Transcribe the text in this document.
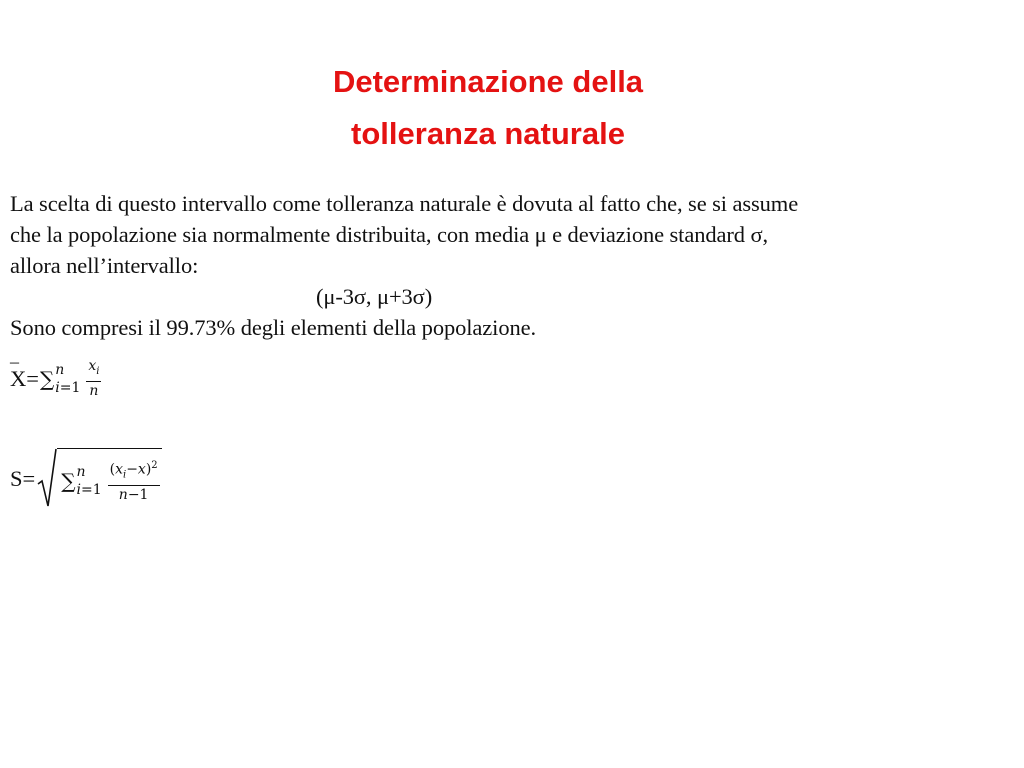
Determinazione della
tolleranza naturale
La scelta di questo intervallo come tolleranza naturale è dovuta al fatto che, se si assume
che la popolazione sia normalmente distribuita, con media μ e deviazione standard σ,
allora nell’intervallo:
(μ-3σ, μ+3σ)
Sono compresi il 99.73% degli elementi della popolazione.
_
X= ∑ n
$i=1 \frac{x_i}{n}$
S= ∑ n
$i=1 \frac{(x_i-x)^2}{n-1}$
